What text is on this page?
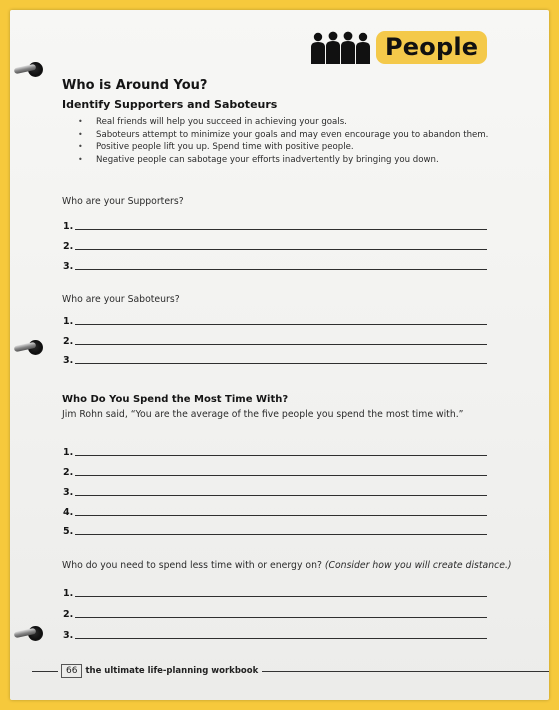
People
Who is Around You?
Identify Supporters and Saboteurs
• Real friends will help you succeed in achieving your goals.
• Saboteurs attempt to minimize your goals and may even encourage you to abandon them.
• Positive people lift you up. Spend time with positive people.
• Negative people can sabotage your efforts inadvertently by bringing you down.
Who are your Supporters?
1.
2.
3.
Who are your Saboteurs?
1.
2.
3.
Who Do You Spend the Most Time With?
Jim Rohn said, “You are the average of the five people you spend the most time with.”
1.
2.
3.
4.
5.
Who do you need to spend less time with or energy on? (Consider how you will create distance.)
1.
2.
3.
66 the ultimate life-planning workbook
